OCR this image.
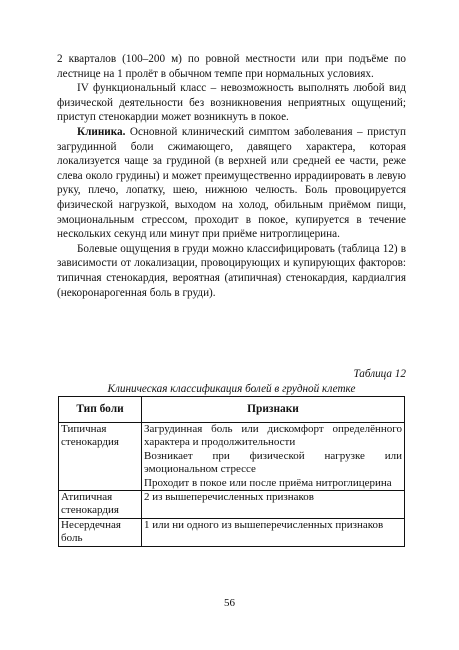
2 кварталов (100–200 м) по ровной местности или при подъёме по лестнице на 1 пролёт в обычном темпе при нормальных условиях.

IV функциональный класс – невозможность выполнять любой вид физической деятельности без возникновения неприятных ощущений; приступ стенокардии может возникнуть в покое.

Клиника. Основной клинический симптом заболевания – приступ загрудинной боли сжимающего, давящего характера, которая локализуется чаще за грудиной (в верхней или средней ее части, реже слева около грудины) и может преимущественно иррадиировать в левую руку, плечо, лопатку, шею, нижнюю челюсть. Боль провоцируется физической нагрузкой, выходом на холод, обильным приёмом пищи, эмоциональным стрессом, проходит в покое, купируется в течение нескольких секунд или минут при приёме нитроглицерина.

Болевые ощущения в груди можно классифицировать (таблица 12) в зависимости от локализации, провоцирующих и купирующих факторов: типичная стенокардия, вероятная (атипичная) стенокардия, кардиалгия (некоронарогенная боль в груди).

Таблица 12
Клиническая классификация болей в грудной клетке
Тип боли	Признаки
Типичная стенокардия	Загрудинная боль или дискомфорт определённого характера и продолжительности
Возникает при физической нагрузке или эмоциональном стрессе
Проходит в покое или после приёма нитроглицерина

Атипичная стенокардия	2 из вышеперечисленных признаков

Несердечная боль	1 или ни одного из вышеперечисленных признаков
56
